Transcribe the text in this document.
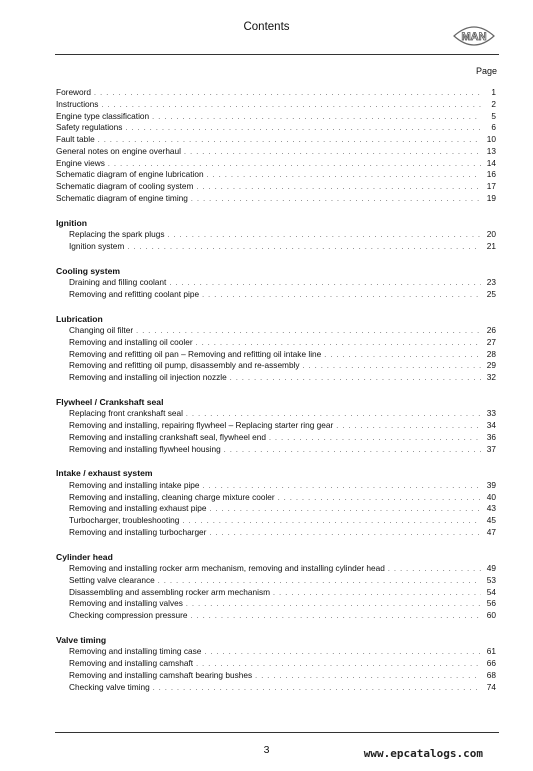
Contents
MAN
Page
Foreword . . .	1
Instructions . . .	2
Engine type classification . . .	5
Safety regulations . . .	6
Fault table . . .	10
General notes on engine overhaul . . .	13
Engine views . . .	14
Schematic diagram of engine lubrication . . .	16
Schematic diagram of cooling system . . .	17
Schematic diagram of engine timing . . .	19
Ignition
Replacing the spark plugs . . .	20
Ignition system . . .	21
Cooling system
Draining and filling coolant . . .	23
Removing and refitting coolant pipe . . .	25
Lubrication
Changing oil filter . . .	26
Removing and installing oil cooler . . .	27
Removing and refitting oil pan – Removing and refitting oil intake line . . .	28
Removing and refitting oil pump, disassembly and re-assembly . . .	29
Removing and installing oil injection nozzle . . .	32
Flywheel / Crankshaft seal
Replacing front crankshaft seal . . .	33
Removing and installing, repairing flywheel – Replacing starter ring gear . . .	34
Removing and installing crankshaft seal, flywheel end . . .	36
Removing and installing flywheel housing . . .	37
Intake / exhaust system
Removing and installing intake pipe . . .	39
Removing and installing, cleaning charge mixture cooler . . .	40
Removing and installing exhaust pipe . . .	43
Turbocharger, troubleshooting . . .	45
Removing and installing turbocharger . . .	47
Cylinder head
Removing and installing rocker arm mechanism, removing and installing cylinder head . . .	49
Setting valve clearance . . .	53
Disassembling and assembling rocker arm mechanism . . .	54
Removing and installing valves . . .	56
Checking compression pressure . . .	60
Valve timing
Removing and installing timing case . . .	61
Removing and installing camshaft . . .	66
Removing and installing camshaft bearing bushes . . .	68
Checking valve timing . . .	74
3	www.epcatalogs.com
